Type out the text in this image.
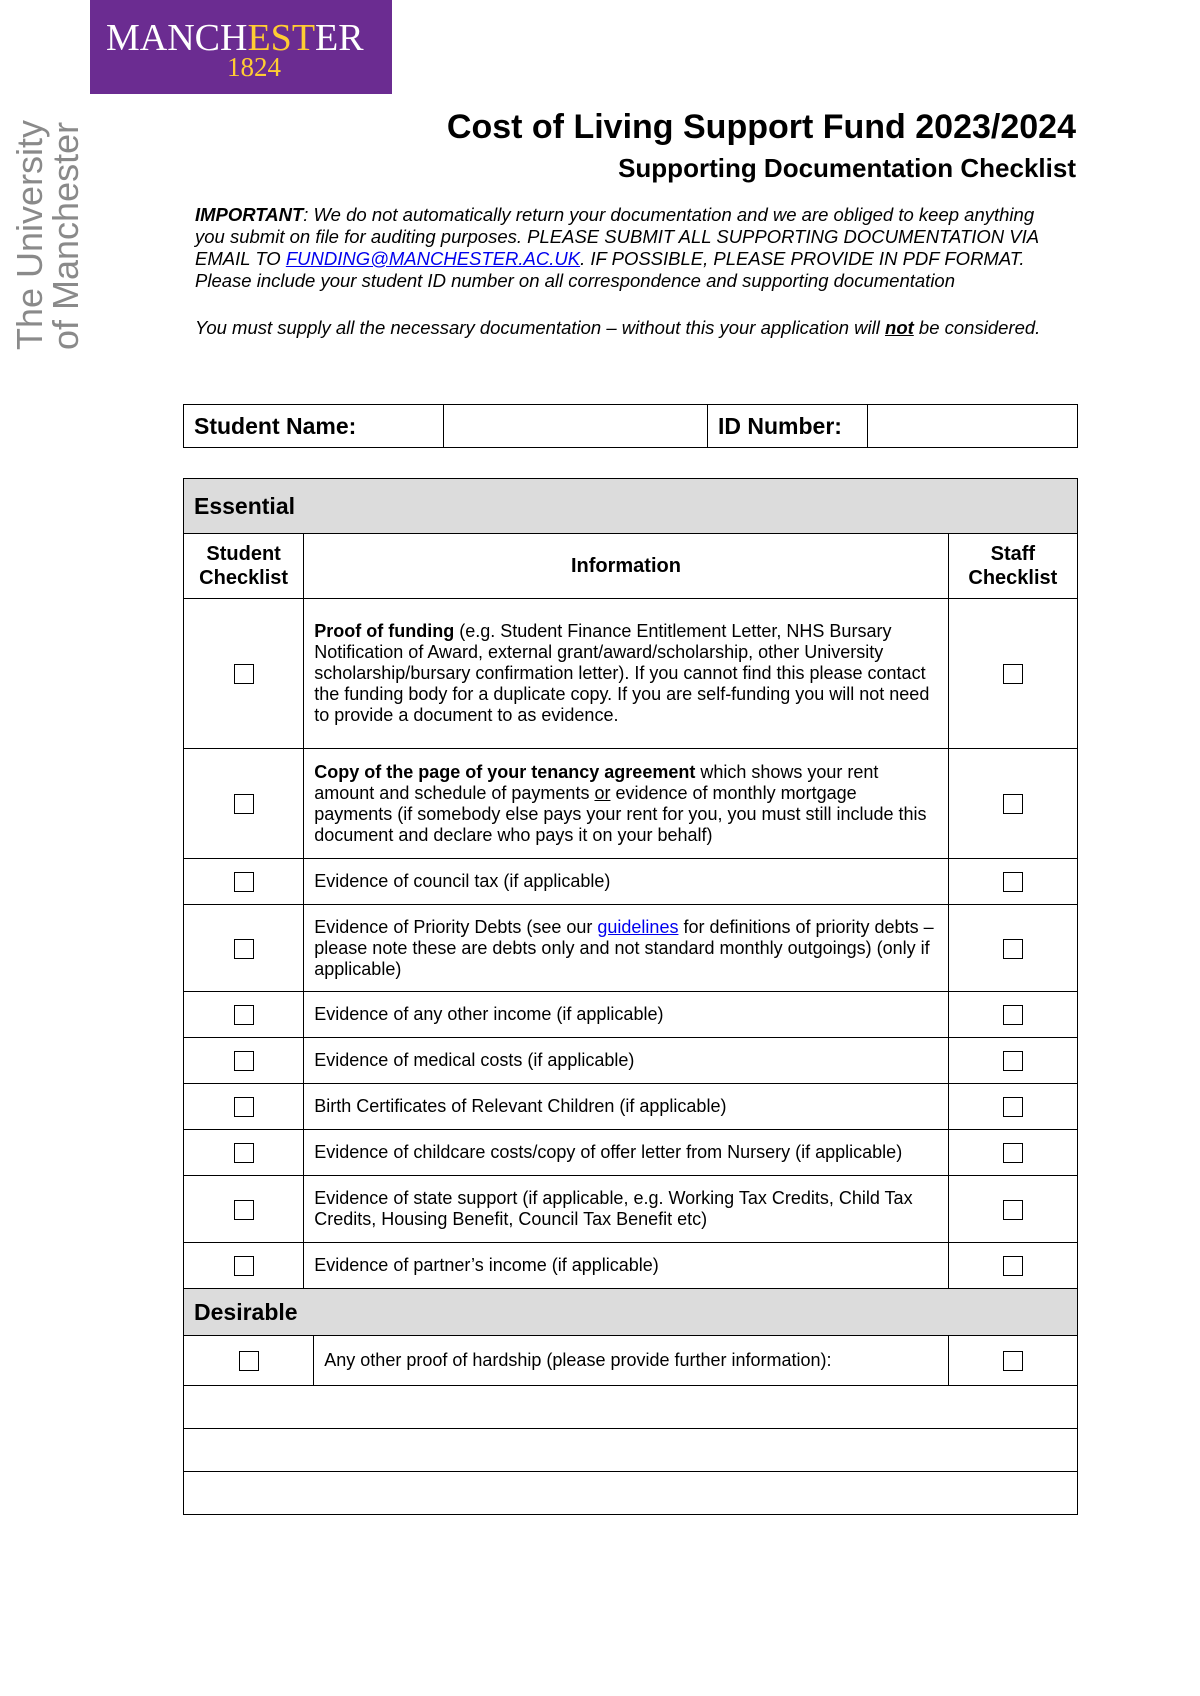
MANCHESTER
1824
The University
of Manchester	Cost of Living Support Fund 2023/2024
Supporting Documentation Checklist
IMPORTANT: We do not automatically return your documentation and we are obliged to keep anything you submit on file for auditing purposes. PLEASE SUBMIT ALL SUPPORTING DOCUMENTATION VIA EMAIL TO FUNDING@MANCHESTER.AC.UK. IF POSSIBLE, PLEASE PROVIDE IN PDF FORMAT. Please include your student ID number on all correspondence and supporting documentation
You must supply all the necessary documentation – without this your application will not be considered.
Student Name:	ID Number:
Essential			
Student Checklist	Information		Staff Checklist
	Proof of funding (e.g. Student Finance Entitlement Letter, NHS Bursary Notification of Award, external grant/award/scholarship, other University scholarship/bursary confirmation letter). If you cannot find this please contact the funding body for a duplicate copy. If you are self-funding you will not need to provide a document to as evidence.		
	Copy of the page of your tenancy agreement which shows your rent amount and schedule of payments or evidence of monthly mortgage payments (if somebody else pays your rent for you, you must still include this document and declare who pays it on your behalf)		
	Evidence of council tax (if applicable)		
	Evidence of Priority Debts (see our guidelines for definitions of priority debts – please note these are debts only and not standard monthly outgoings) (only if applicable)		
	Evidence of any other income (if applicable)		
	Evidence of medical costs (if applicable)		
	Birth Certificates of Relevant Children (if applicable)		
	Evidence of childcare costs/copy of offer letter from Nursery (if applicable)		
	Evidence of state support (if applicable, e.g. Working Tax Credits, Child Tax Credits, Housing Benefit, Council Tax Benefit etc)		
	Evidence of partner’s income (if applicable)		
Desirable			
		Any other proof of hardship (please provide further information):	
